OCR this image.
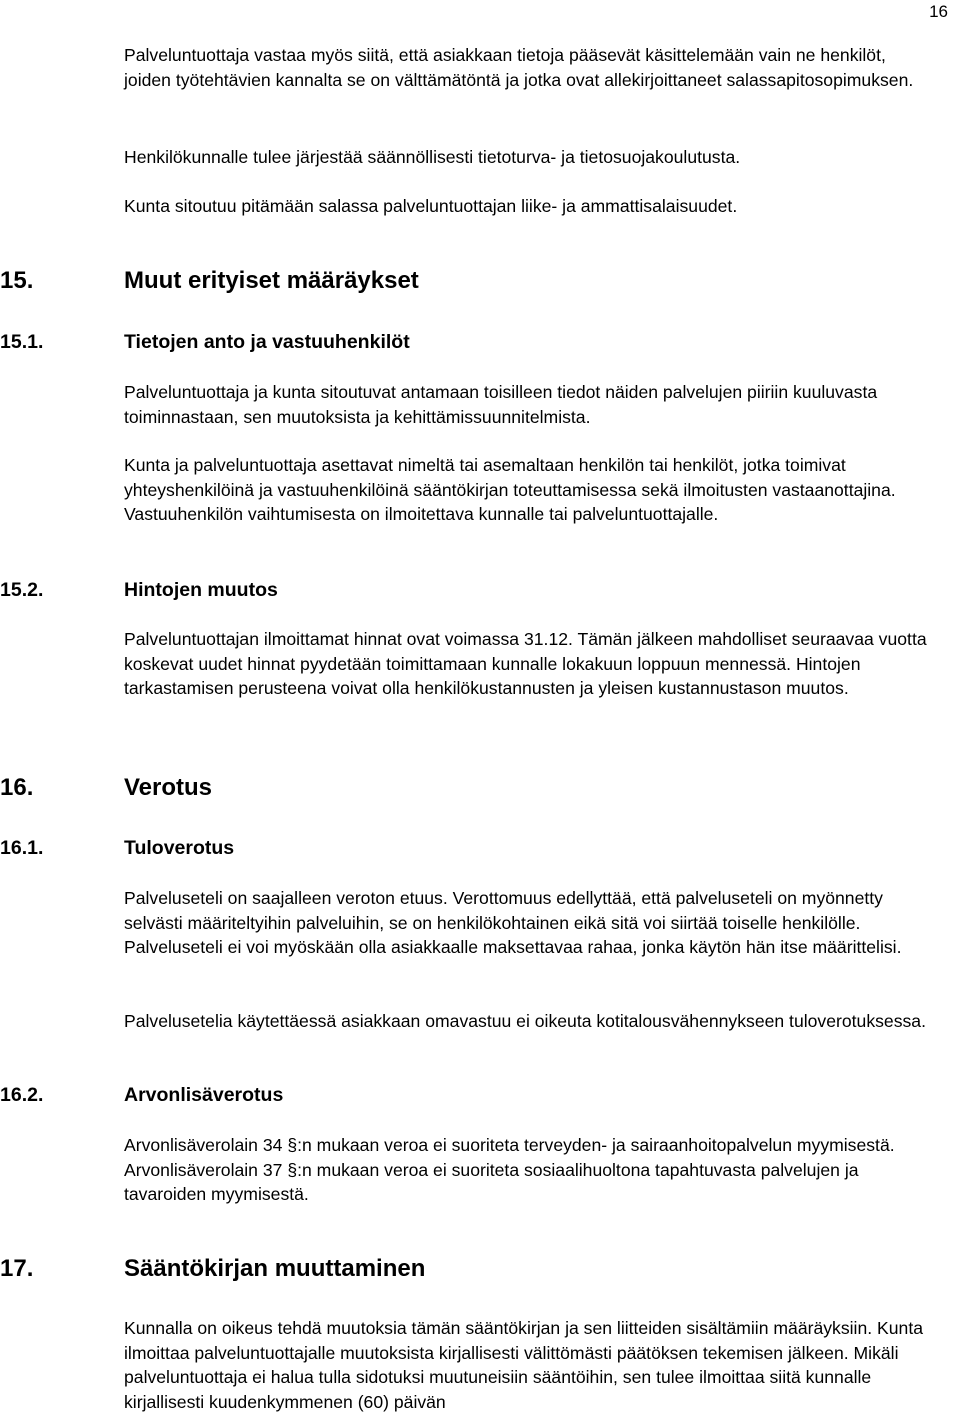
16

Palveluntuottaja vastaa myös siitä, että asiakkaan tietoja pääsevät käsittelemään vain ne henkilöt, joiden työtehtävien kannalta se on välttämätöntä ja jotka ovat allekirjoittaneet salassapitosopimuksen.

Henkilökunnalle tulee järjestää säännöllisesti tietoturva- ja tietosuojakoulutusta.

Kunta sitoutuu pitämään salassa palveluntuottajan liike- ja ammattisalaisuudet.

15.	Muut erityiset määräykset
15.1.	Tietojen anto ja vastuuhenkilöt

Palveluntuottaja ja kunta sitoutuvat antamaan toisilleen tiedot näiden palvelujen piiriin kuuluvasta toiminnastaan, sen muutoksista ja kehittämissuunnitelmista.

Kunta ja palveluntuottaja asettavat nimeltä tai asemaltaan henkilön tai henkilöt, jotka toimivat yhteyshenkilöinä ja vastuuhenkilöinä sääntökirjan toteuttamisessa sekä ilmoitusten vastaanottajina. Vastuuhenkilön vaihtumisesta on ilmoitettava kunnalle tai palveluntuottajalle.

15.2.	Hintojen muutos

Palveluntuottajan ilmoittamat hinnat ovat voimassa 31.12. Tämän jälkeen mahdolliset seuraavaa vuotta koskevat uudet hinnat pyydetään toimittamaan kunnalle lokakuun loppuun mennessä. Hintojen tarkastamisen perusteena voivat olla henkilökustannusten ja yleisen kustannustason muutos.

16.	Verotus
16.1.	Tuloverotus

Palveluseteli on saajalleen veroton etuus. Verottomuus edellyttää, että palveluseteli on myönnetty selvästi määriteltyihin palveluihin, se on henkilökohtainen eikä sitä voi siirtää toiselle henkilölle. Palveluseteli ei voi myöskään olla asiakkaalle maksettavaa rahaa, jonka käytön hän itse määrittelisi.

Palvelusetelia käytettäessä asiakkaan omavastuu ei oikeuta kotitalousvähennykseen tuloverotuksessa.

16.2.	Arvonlisäverotus

Arvonlisäverolain 34 §:n mukaan veroa ei suoriteta terveyden- ja sairaanhoitopalvelun myymisestä. Arvonlisäverolain 37 §:n mukaan veroa ei suoriteta sosiaalihuoltona tapahtuvasta palvelujen ja tavaroiden myymisestä.

17.	Sääntökirjan muuttaminen

Kunnalla on oikeus tehdä muutoksia tämän sääntökirjan ja sen liitteiden sisältämiin määräyksiin. Kunta ilmoittaa palveluntuottajalle muutoksista kirjallisesti välittömästi päätöksen tekemisen jälkeen. Mikäli palveluntuottaja ei halua tulla sidotuksi muutuneisiin sääntöihin, sen tulee ilmoittaa siitä kunnalle kirjallisesti kuudenkymmenen (60) päivän
